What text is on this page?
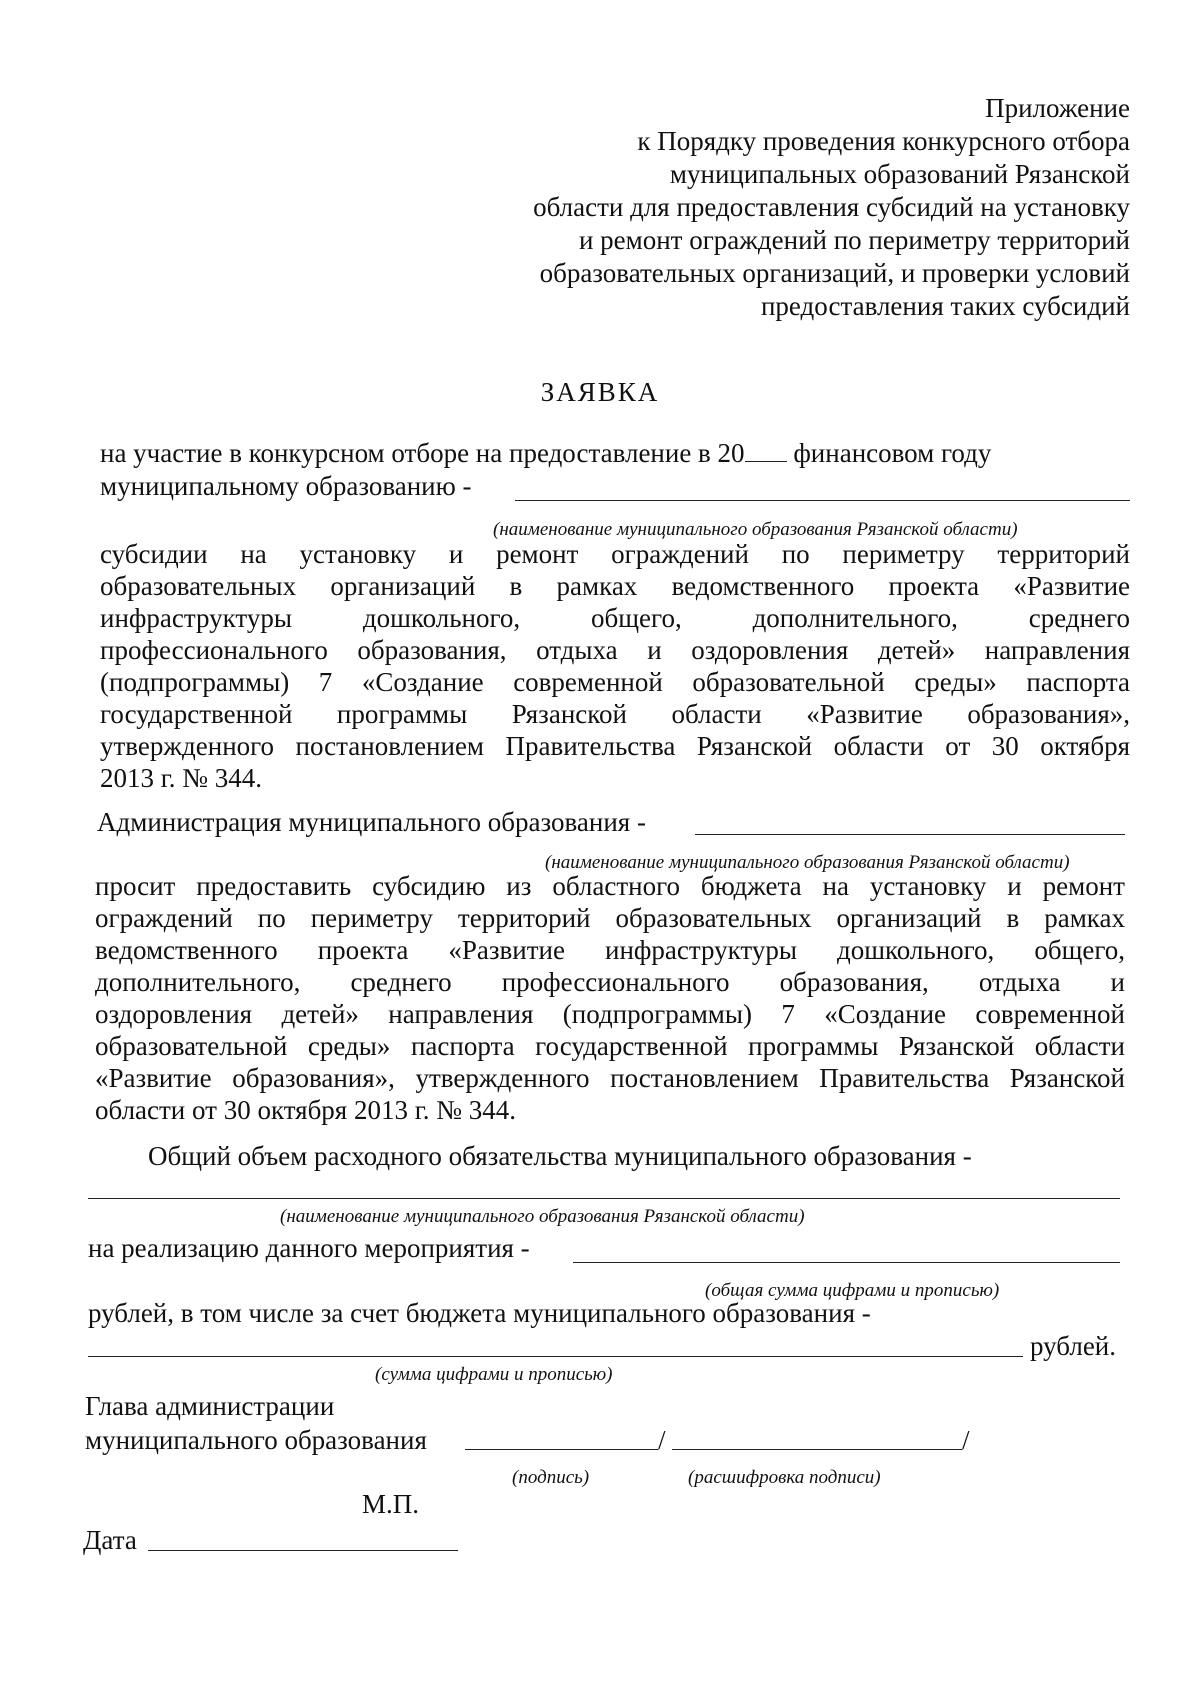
Приложение
к Порядку проведения конкурсного отбора
муниципальных образований Рязанской
области для предоставления субсидий на установку
и ремонт ограждений по периметру территорий
образовательных организаций, и проверки условий
предоставления таких субсидий
ЗАЯВКА
на участие в конкурсном отборе на предоставление в 20 финансовом году
муниципальному образованию -
(наименование муниципального образования Рязанской области)
субсидии на установку и ремонт ограждений по периметру территорий
образовательных организаций в рамках ведомственного проекта «Развитие
инфраструктуры дошкольного, общего, дополнительного, среднего
профессионального образования, отдыха и оздоровления детей» направления
(подпрограммы) 7 «Создание современной образовательной среды» паспорта
государственной программы Рязанской области «Развитие образования»,
утвержденного постановлением Правительства Рязанской области от 30 октября
2013 г. № 344.
Администрация муниципального образования -
(наименование муниципального образования Рязанской области)
просит предоставить субсидию из областного бюджета на установку и ремонт
ограждений по периметру территорий образовательных организаций в рамках
ведомственного проекта «Развитие инфраструктуры дошкольного, общего,
дополнительного, среднего профессионального образования, отдыха и
оздоровления детей» направления (подпрограммы) 7 «Создание современной
образовательной среды» паспорта государственной программы Рязанской области
«Развитие образования», утвержденного постановлением Правительства Рязанской
области от 30 октября 2013 г. № 344.
Общий объем расходного обязательства муниципального образования -
(наименование муниципального образования Рязанской области)
на реализацию данного мероприятия -
(общая сумма цифрами и прописью)
рублей, в том числе за счет бюджета муниципального образования -
рублей.
(сумма цифрами и прописью)
Глава администрации
муниципального образования	/	/
(подпись)	(расшифровка подписи)
М.П.
Дата
